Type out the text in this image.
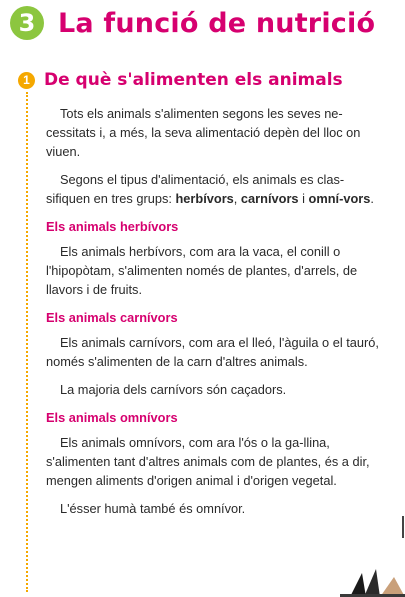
3 La funció de nutrició
1 De què s'alimenten els animals

Tots els animals s'alimenten segons les seves ne-cessitats i, a més, la seva alimentació depèn del lloc on viuen.

Segons el tipus d'alimentació, els animals es clas-sifiquen en tres grups: herbívors, carnívors i omní-vors.

Els animals herbívors

Els animals herbívors, com ara la vaca, el conill o l'hipopòtam, s'alimenten només de plantes, d'arrels, de llavors i de fruits.

Els animals carnívors

Els animals carnívors, com ara el lleó, l'àguila o el tauró, només s'alimenten de la carn d'altres animals.

La majoria dels carnívors són caçadors.

Els animals omnívors

Els animals omnívors, com ara l'ós o la ga-llina, s'alimenten tant d'altres animals com de plantes, és a dir, mengen aliments d'origen animal i d'origen vegetal.

L'ésser humà també és omnívor.
